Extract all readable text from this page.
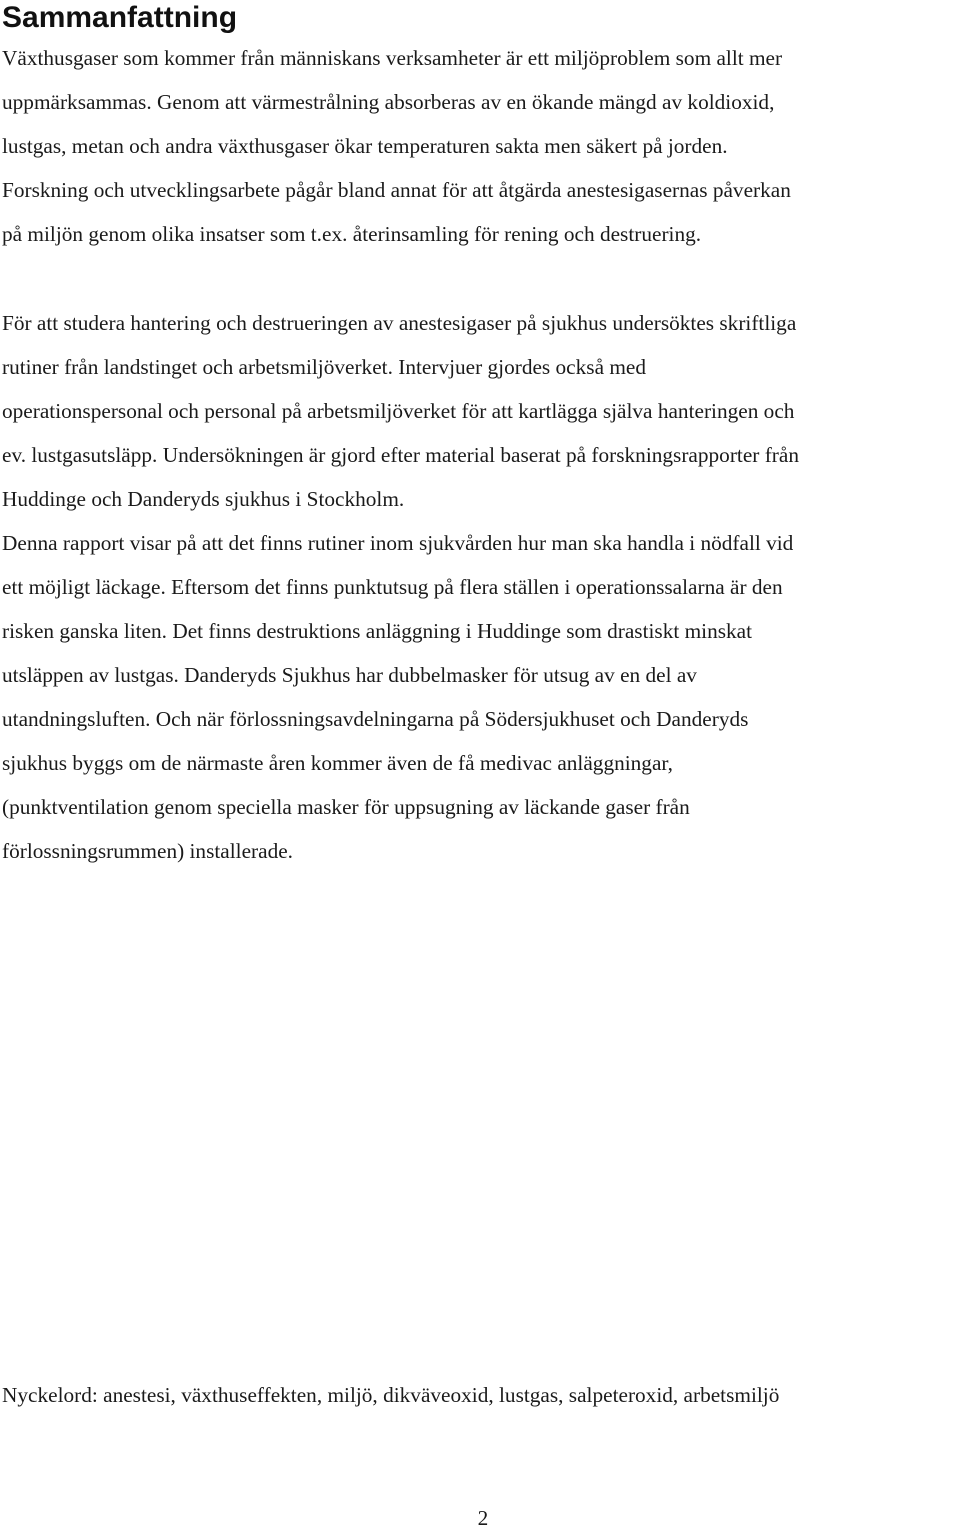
Sammanfattning

Växthusgaser som kommer från människans verksamheter är ett miljöproblem som allt mer
uppmärksammas. Genom att värmestrålning absorberas av en ökande mängd av koldioxid,
lustgas, metan och andra växthusgaser ökar temperaturen sakta men säkert på jorden.
Forskning och utvecklingsarbete pågår bland annat för att åtgärda anestesigasernas påverkan
på miljön genom olika insatser som t.ex. återinsamling för rening och destruering.

För att studera hantering och destrueringen av anestesigaser på sjukhus undersöktes skriftliga
rutiner från landstinget och arbetsmiljöverket. Intervjuer gjordes också med
operationspersonal och personal på arbetsmiljöverket för att kartlägga själva hanteringen och
ev. lustgasutsläpp. Undersökningen är gjord efter material baserat på forskningsrapporter från
Huddinge och Danderyds sjukhus i Stockholm.
Denna rapport visar på att det finns rutiner inom sjukvården hur man ska handla i nödfall vid
ett möjligt läckage. Eftersom det finns punktutsug på flera ställen i operationssalarna är den
risken ganska liten. Det finns destruktions anläggning i Huddinge som drastiskt minskat
utsläppen av lustgas. Danderyds Sjukhus har dubbelmasker för utsug av en del av
utandningsluften. Och när förlossningsavdelningarna på Södersjukhuset och Danderyds
sjukhus byggs om de närmaste åren kommer även de få medivac anläggningar,
(punktventilation genom speciella masker för uppsugning av läckande gaser från
förlossningsrummen) installerade.

Nyckelord: anestesi, växthuseffekten, miljö, dikväveoxid, lustgas, salpeteroxid, arbetsmiljö

2
